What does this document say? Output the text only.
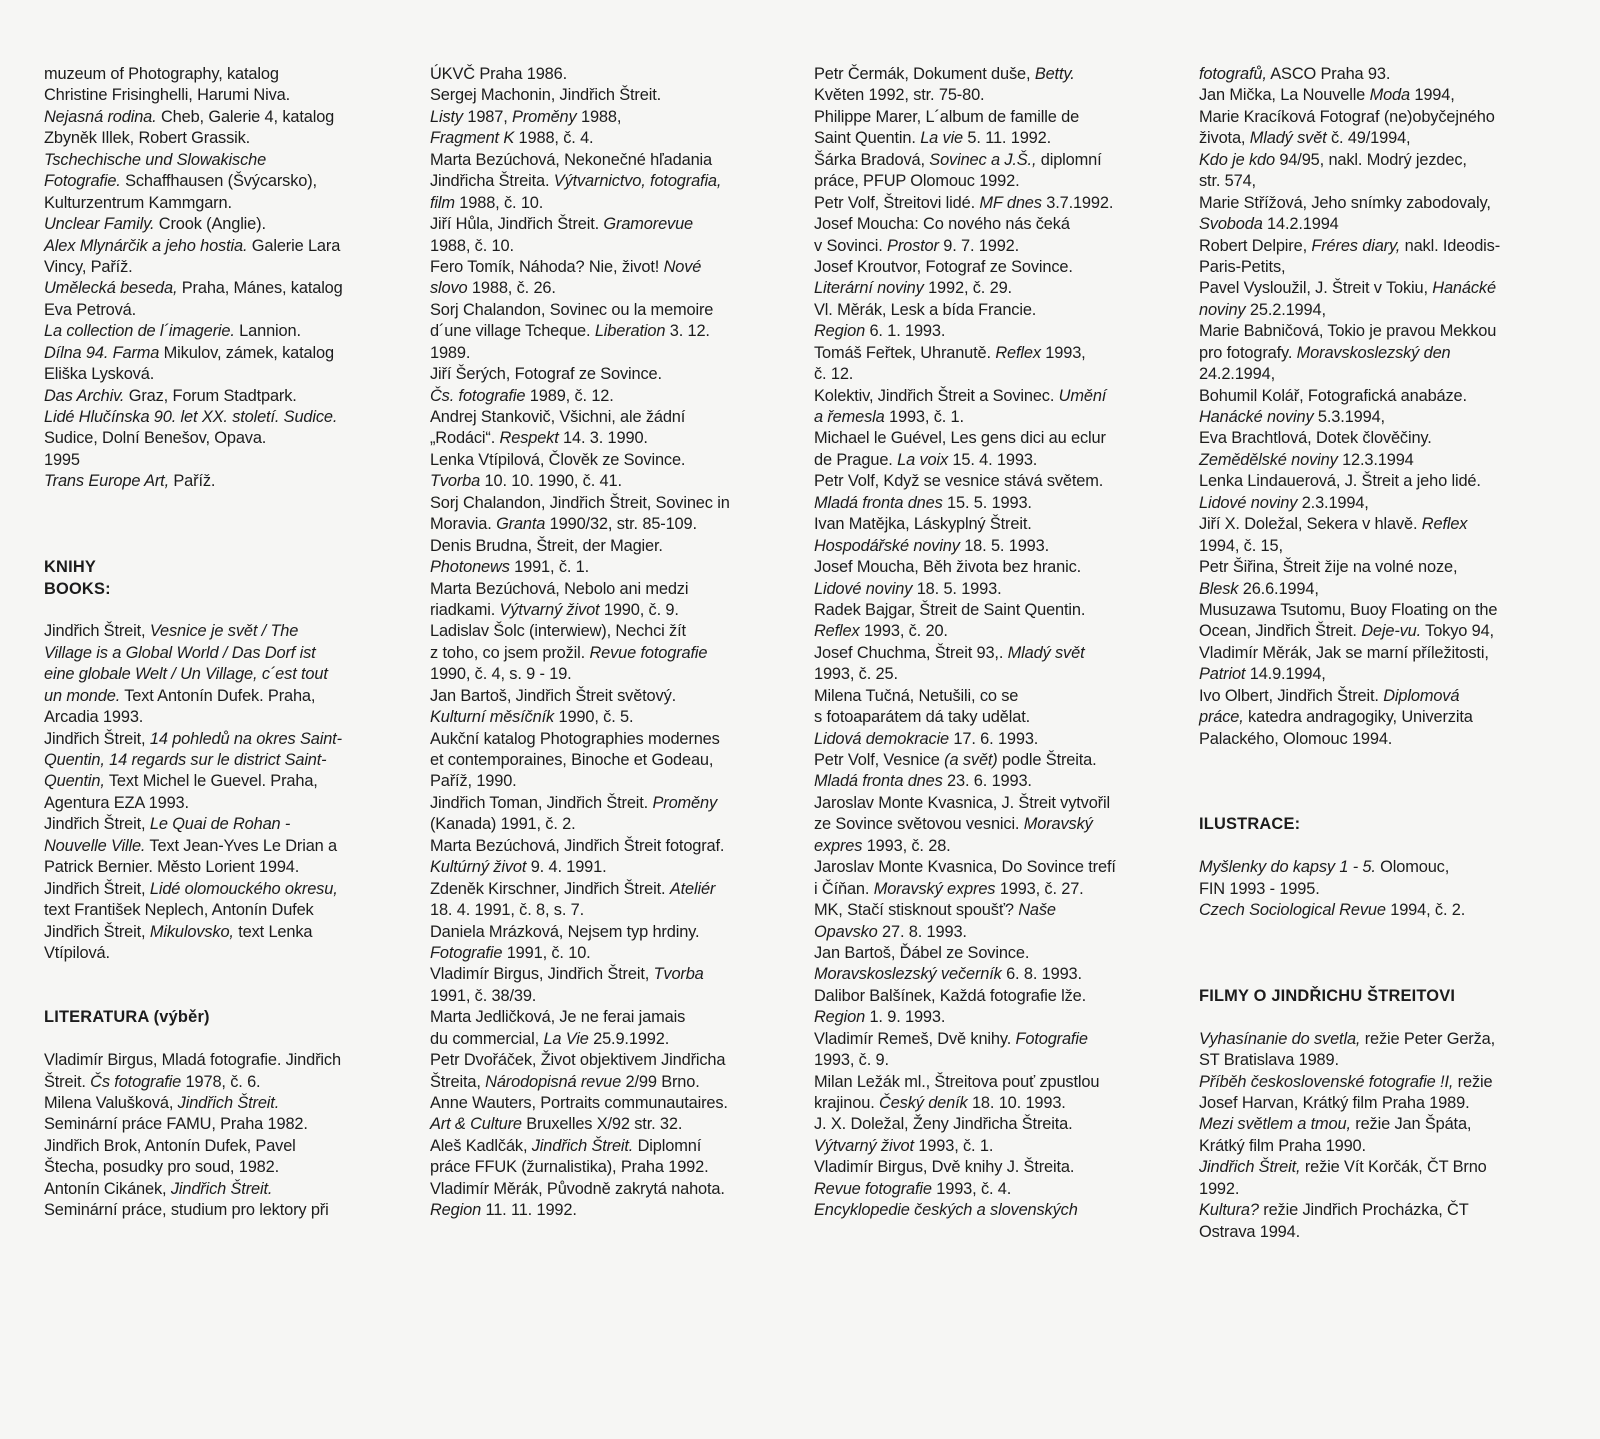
muzeum of Photography, katalog
Christine Frisinghelli, Harumi Niva.
Nejasná rodina. Cheb, Galerie 4, katalog
Zbyněk Illek, Robert Grassik.
Tschechische und Slowakische
Fotografie. Schaffhausen (Švýcarsko),
Kulturzentrum Kammgarn.
Unclear Family. Crook (Anglie).
Alex Mlynárčik a jeho hostia. Galerie Lara
Vincy, Paříž.
Umělecká beseda, Praha, Mánes, katalog
Eva Petrová.
La collection de l´imagerie. Lannion.
Dílna 94. Farma Mikulov, zámek, katalog
Eliška Lysková.
Das Archiv. Graz, Forum Stadtpark.
Lidé Hlučínska 90. let XX. století. Sudice.
Sudice, Dolní Benešov, Opava.
1995
Trans Europe Art, Paříž.
KNIHY
BOOKS:
Jindřich Štreit, Vesnice je svět / The
Village is a Global World / Das Dorf ist
eine globale Welt / Un Village, c´est tout
un monde. Text Antonín Dufek. Praha,
Arcadia 1993.
Jindřich Štreit, 14 pohledů na okres Saint-
Quentin, 14 regards sur le district Saint-
Quentin, Text Michel le Guevel. Praha,
Agentura EZA 1993.
Jindřich Štreit, Le Quai de Rohan -
Nouvelle Ville. Text Jean-Yves Le Drian a
Patrick Bernier. Město Lorient 1994.
Jindřich Štreit, Lidé olomouckého okresu,
text František Neplech, Antonín Dufek
Jindřich Štreit, Mikulovsko, text Lenka
Vtípilová.
LITERATURA (výběr)
Vladimír Birgus, Mladá fotografie. Jindřich
Štreit. Čs fotografie 1978, č. 6.
Milena Valušková, Jindřich Štreit.
Seminární práce FAMU, Praha 1982.
Jindřich Brok, Antonín Dufek, Pavel
Štecha, posudky pro soud, 1982.
Antonín Cikánek, Jindřich Štreit.
Seminární práce, studium pro lektory při
ÚKVČ Praha 1986.
Sergej Machonin, Jindřich Štreit.
Listy 1987, Proměny 1988,
Fragment K 1988, č. 4.
Marta Bezúchová, Nekonečné hľadania
Jindřicha Štreita. Výtvarnictvo, fotografia,
film 1988, č. 10.
Jiří Hůla, Jindřich Štreit. Gramorevue
1988, č. 10.
Fero Tomík, Náhoda? Nie, život! Nové
slovo 1988, č. 26.
Sorj Chalandon, Sovinec ou la memoire
d´une village Tcheque. Liberation 3. 12.
1989.
Jiří Šerých, Fotograf ze Sovince.
Čs. fotografie 1989, č. 12.
Andrej Stankovič, Všichni, ale žádní
„Rodáci“. Respekt 14. 3. 1990.
Lenka Vtípilová, Člověk ze Sovince.
Tvorba 10. 10. 1990, č. 41.
Sorj Chalandon, Jindřich Štreit, Sovinec in
Moravia. Granta 1990/32, str. 85-109.
Denis Brudna, Štreit, der Magier.
Photonews 1991, č. 1.
Marta Bezúchová, Nebolo ani medzi
riadkami. Výtvarný život 1990, č. 9.
Ladislav Šolc (interwiew), Nechci žít
z toho, co jsem prožil. Revue fotografie
1990, č. 4, s. 9 - 19.
Jan Bartoš, Jindřich Štreit světový.
Kulturní měsíčník 1990, č. 5.
Aukční katalog Photographies modernes
et contemporaines, Binoche et Godeau,
Paříž, 1990.
Jindřich Toman, Jindřich Štreit. Proměny
(Kanada) 1991, č. 2.
Marta Bezúchová, Jindřich Štreit fotograf.
Kultúrný život 9. 4. 1991.
Zdeněk Kirschner, Jindřich Štreit. Ateliér
18. 4. 1991, č. 8, s. 7.
Daniela Mrázková, Nejsem typ hrdiny.
Fotografie 1991, č. 10.
Vladimír Birgus, Jindřich Štreit, Tvorba
1991, č. 38/39.
Marta Jedličková, Je ne ferai jamais
du commercial, La Vie 25.9.1992.
Petr Dvořáček, Život objektivem Jindřicha
Štreita, Národopisná revue 2/99 Brno.
Anne Wauters, Portraits communautaires.
Art & Culture Bruxelles X/92 str. 32.
Aleš Kadlčák, Jindřich Štreit. Diplomní
práce FFUK (žurnalistika), Praha 1992.
Vladimír Měrák, Původně zakrytá nahota.
Region 11. 11. 1992.
Petr Čermák, Dokument duše, Betty.
Květen 1992, str. 75-80.
Philippe Marer, L´album de famille de
Saint Quentin. La vie 5. 11. 1992.
Šárka Bradová, Sovinec a J.Š., diplomní
práce, PFUP Olomouc 1992.
Petr Volf, Štreitovi lidé. MF dnes 3.7.1992.
Josef Moucha: Co nového nás čeká
v Sovinci. Prostor 9. 7. 1992.
Josef Kroutvor, Fotograf ze Sovince.
Literární noviny 1992, č. 29.
Vl. Měrák, Lesk a bída Francie.
Region 6. 1. 1993.
Tomáš Feřtek, Uhranutě. Reflex 1993,
č. 12.
Kolektiv, Jindřich Štreit a Sovinec. Umění
a řemesla 1993, č. 1.
Michael le Guével, Les gens dici au eclur
de Prague. La voix 15. 4. 1993.
Petr Volf, Když se vesnice stává světem.
Mladá fronta dnes 15. 5. 1993.
Ivan Matějka, Láskyplný Štreit.
Hospodářské noviny 18. 5. 1993.
Josef Moucha, Běh života bez hranic.
Lidové noviny 18. 5. 1993.
Radek Bajgar, Štreit de Saint Quentin.
Reflex 1993, č. 20.
Josef Chuchma, Štreit 93,. Mladý svět
1993, č. 25.
Milena Tučná, Netušili, co se
s fotoaparátem dá taky udělat.
Lidová demokracie 17. 6. 1993.
Petr Volf, Vesnice (a svět) podle Štreita.
Mladá fronta dnes 23. 6. 1993.
Jaroslav Monte Kvasnica, J. Štreit vytvořil
ze Sovince světovou vesnici. Moravský
expres 1993, č. 28.
Jaroslav Monte Kvasnica, Do Sovince trefí
i Číňan. Moravský expres 1993, č. 27.
MK, Stačí stisknout spoušť? Naše
Opavsko 27. 8. 1993.
Jan Bartoš, Ďábel ze Sovince.
Moravskoslezský večerník 6. 8. 1993.
Dalibor Balšínek, Každá fotografie lže.
Region 1. 9. 1993.
Vladimír Remeš, Dvě knihy. Fotografie
1993, č. 9.
Milan Ležák ml., Štreitova pouť zpustlou
krajinou. Český deník 18. 10. 1993.
J. X. Doležal, Ženy Jindřicha Štreita.
Výtvarný život 1993, č. 1.
Vladimír Birgus, Dvě knihy J. Štreita.
Revue fotografie 1993, č. 4.
Encyklopedie českých a slovenských
fotografů, ASCO Praha 93.
Jan Mička, La Nouvelle Moda 1994,
Marie Kracíková Fotograf (ne)obyčejného
života, Mladý svět č. 49/1994,
Kdo je kdo 94/95, nakl. Modrý jezdec,
str. 574,
Marie Střížová, Jeho snímky zabodovaly,
Svoboda 14.2.1994
Robert Delpire, Fréres diary, nakl. Ideodis-
Paris-Petits,
Pavel Vysloužil, J. Štreit v Tokiu, Hanácké
noviny 25.2.1994,
Marie Babničová, Tokio je pravou Mekkou
pro fotografy. Moravskoslezský den
24.2.1994,
Bohumil Kolář, Fotografická anabáze.
Hanácké noviny 5.3.1994,
Eva Brachtlová, Dotek člověčiny.
Zemědělské noviny 12.3.1994
Lenka Lindauerová, J. Štreit a jeho lidé.
Lidové noviny 2.3.1994,
Jiří X. Doležal, Sekera v hlavě. Reflex
1994, č. 15,
Petr Šiřina, Štreit žije na volné noze,
Blesk 26.6.1994,
Musuzawa Tsutomu, Buoy Floating on the
Ocean, Jindřich Štreit. Deje-vu. Tokyo 94,
Vladimír Měrák, Jak se marní příležitosti,
Patriot 14.9.1994,
Ivo Olbert, Jindřich Štreit. Diplomová
práce, katedra andragogiky, Univerzita
Palackého, Olomouc 1994.
ILUSTRACE:
Myšlenky do kapsy 1 - 5. Olomouc,
FIN 1993 - 1995.
Czech Sociological Revue 1994, č. 2.
FILMY O JINDŘICHU ŠTREITOVI
Vyhasínanie do svetla, režie Peter Gerža,
ST Bratislava 1989.
Příběh československé fotografie !I, režie
Josef Harvan, Krátký film Praha 1989.
Mezi světlem a tmou, režie Jan Špáta,
Krátký film Praha 1990.
Jindřich Štreit, režie Vít Korčák, ČT Brno
1992.
Kultura? režie Jindřich Procházka, ČT
Ostrava 1994.
